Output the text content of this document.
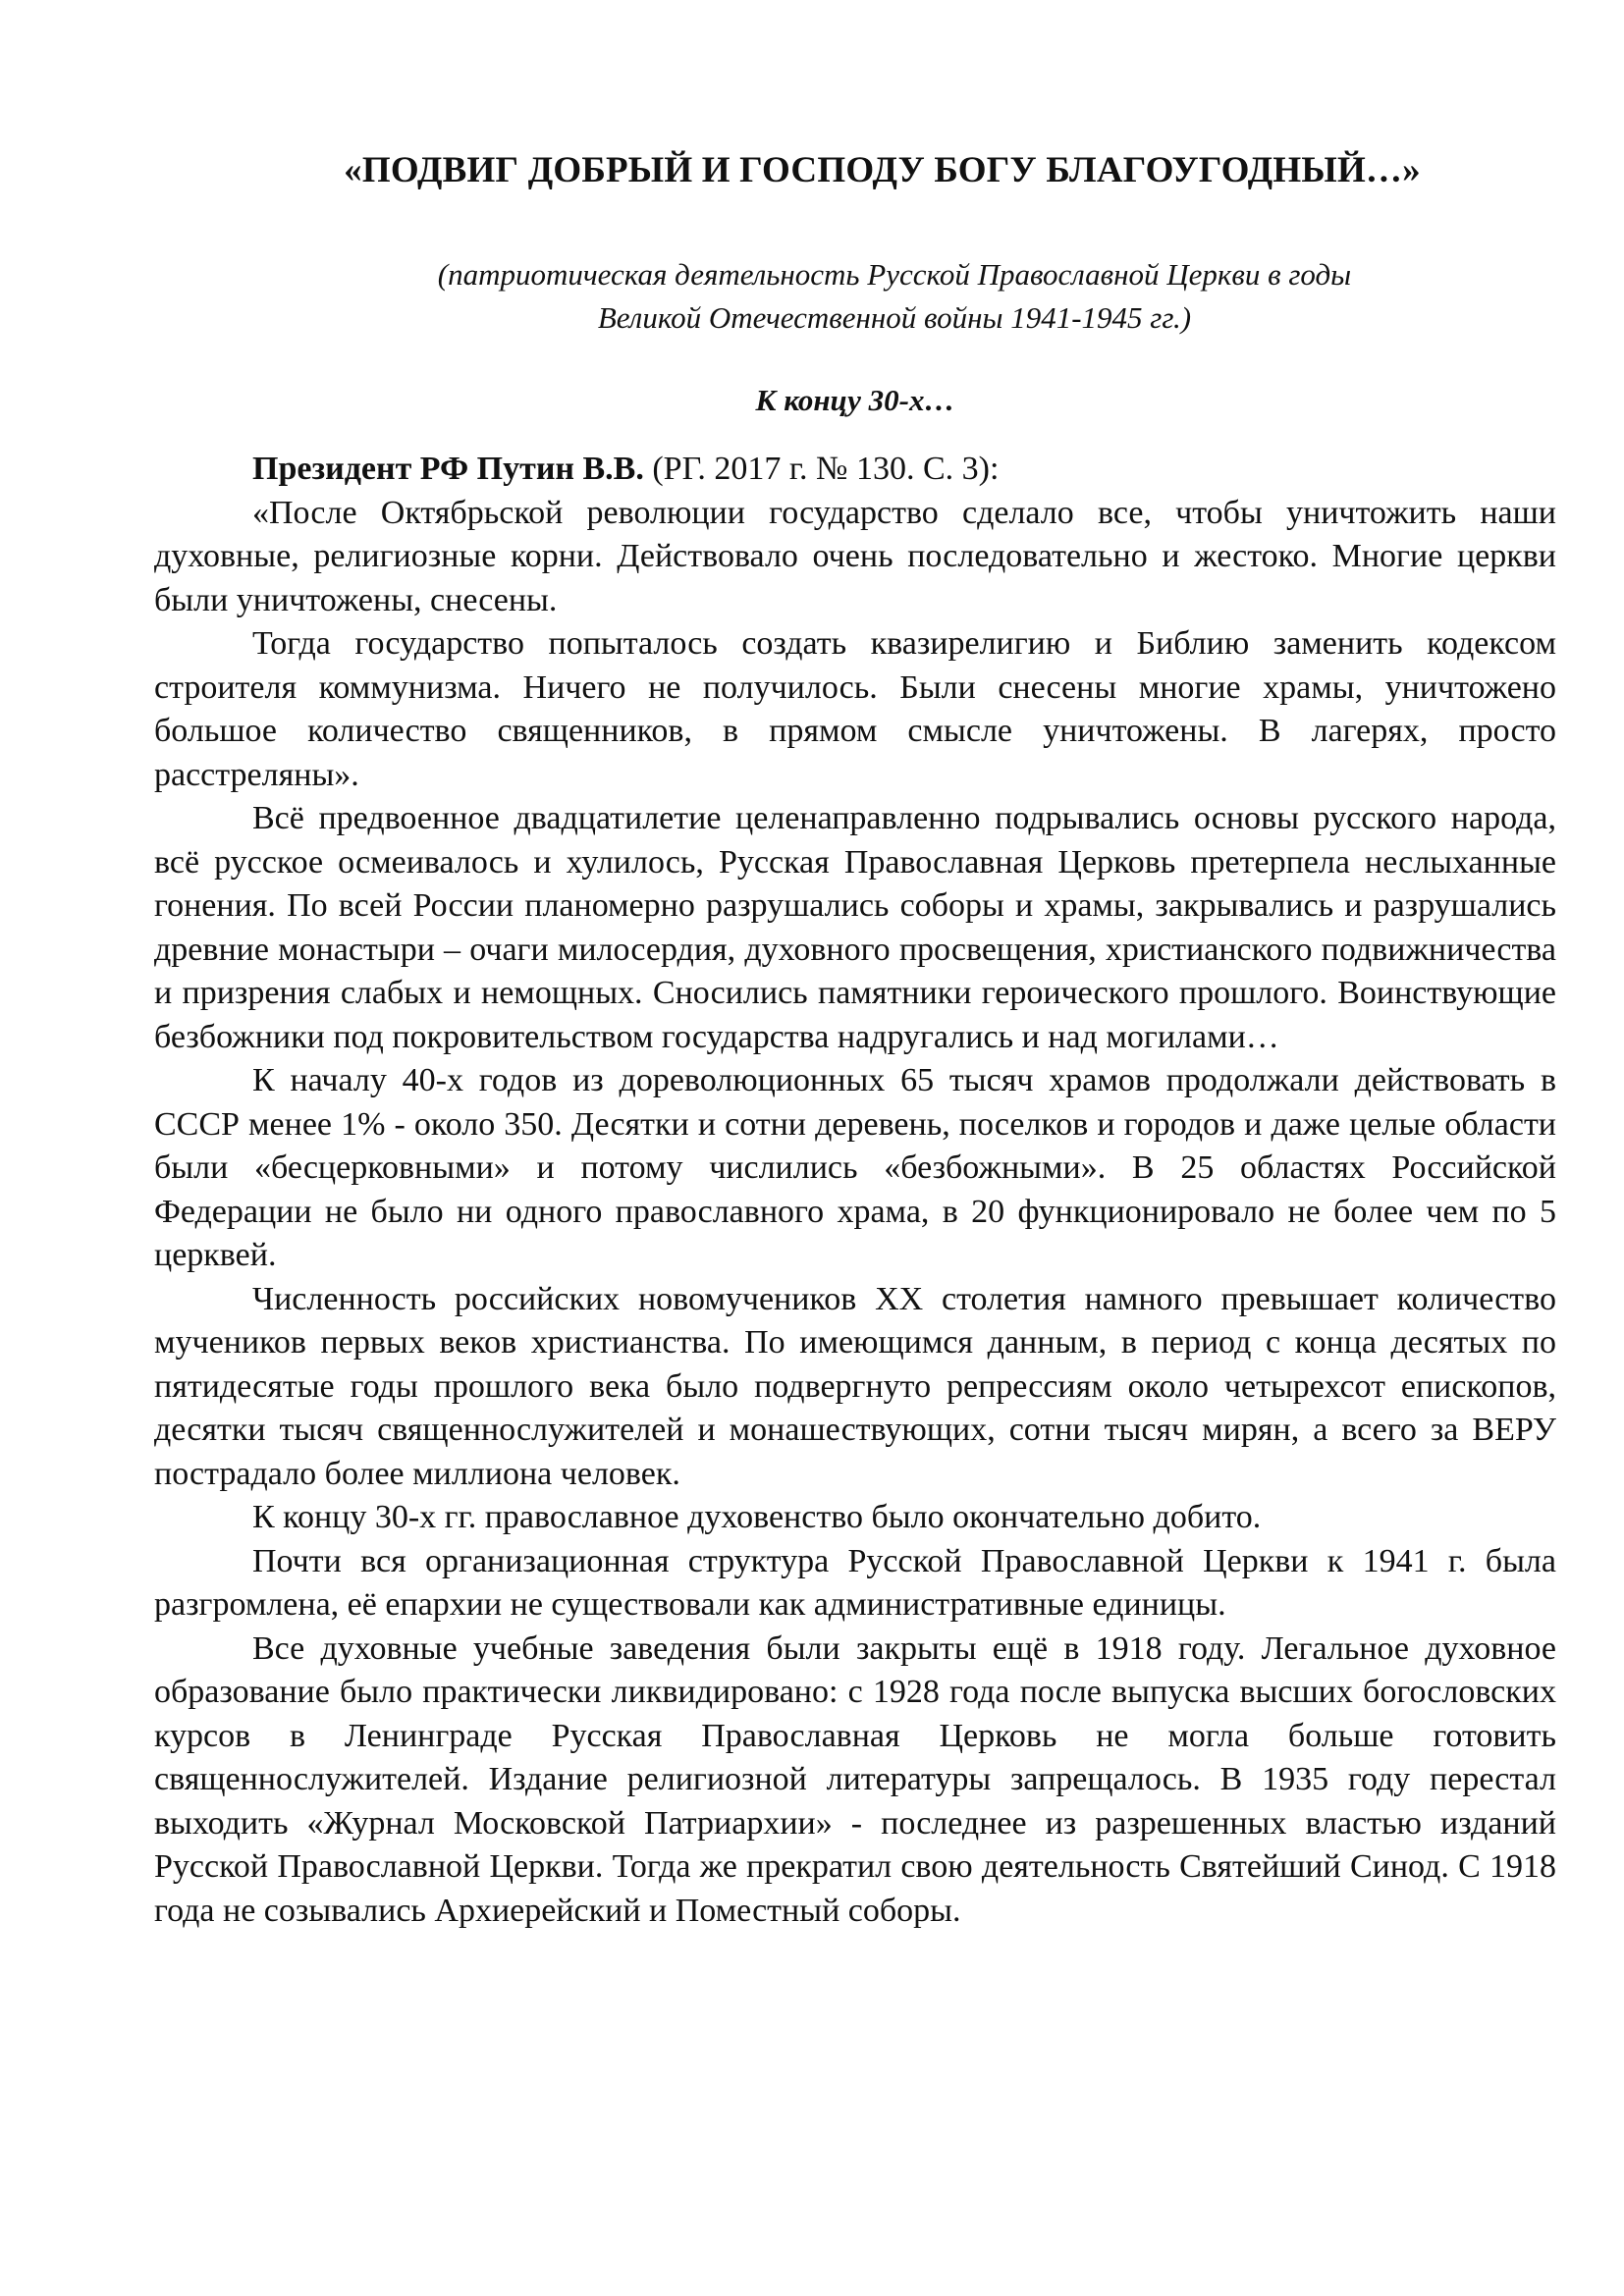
«ПОДВИГ ДОБРЫЙ И ГОСПОДУ БОГУ БЛАГОУГОДНЫЙ…»
(патриотическая деятельность Русской Православной Церкви в годы
Великой Отечественной войны 1941-1945 гг.)
К концу 30-х…

Президент РФ Путин В.В. (РГ. 2017 г. № 130. С. 3):

«После Октябрьской революции государство сделало все, чтобы уничтожить наши духовные, религиозные корни. Действовало очень последовательно и жестоко. Многие церкви были уничтожены, снесены.

Тогда государство попыталось создать квазирелигию и Библию заменить кодексом строителя коммунизма. Ничего не получилось. Были снесены многие храмы, уничтожено большое количество священников, в прямом смысле уничтожены. В лагерях, просто расстреляны».

Всё предвоенное двадцатилетие целенаправленно подрывались основы русского народа, всё русское осмеивалось и хулилось, Русская Православная Церковь претерпела неслыханные гонения. По всей России планомерно разрушались соборы и храмы, закрывались и разрушались древние монастыри – очаги милосердия, духовного просвещения, христианского подвижничества и призрения слабых и немощных. Сносились памятники героического прошлого. Воинствующие безбожники под покровительством государства надругались и над могилами…

К началу 40-х годов из дореволюционных 65 тысяч храмов продолжали действовать в СССР менее 1% - около 350. Десятки и сотни деревень, поселков и городов и даже целые области были «бесцерковными» и потому числились «безбожными». В 25 областях Российской Федерации не было ни одного православного храма, в 20 функционировало не более чем по 5 церквей.

Численность российских новомучеников XX столетия намного превышает количество мучеников первых веков христианства. По имеющимся данным, в период с конца десятых по пятидесятые годы прошлого века было подвергнуто репрессиям около четырехсот епископов, десятки тысяч священнослужителей и монашествующих, сотни тысяч мирян, а всего за ВЕРУ пострадало более миллиона человек.

К концу 30-х гг. православное духовенство было окончательно добито.

Почти вся организационная структура Русской Православной Церкви к 1941 г. была разгромлена, её епархии не существовали как административные единицы.

Все духовные учебные заведения были закрыты ещё в 1918 году. Легальное духовное образование было практически ликвидировано: с 1928 года после выпуска высших богословских курсов в Ленинграде Русская Православная Церковь не могла больше готовить священнослужителей. Издание религиозной литературы запрещалось. В 1935 году перестал выходить «Журнал Московской Патриархии» - последнее из разрешенных властью изданий Русской Православной Церкви. Тогда же прекратил свою деятельность Святейший Синод. С 1918 года не созывались Архиерейский и Поместный соборы.
